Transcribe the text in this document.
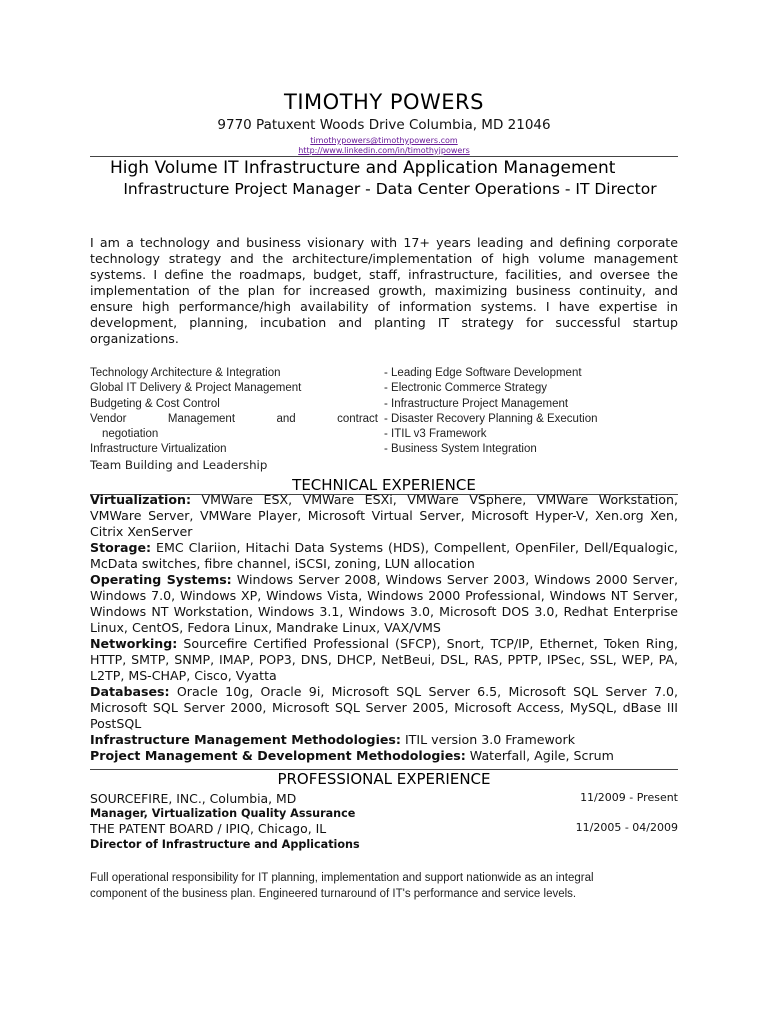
TIMOTHY POWERS
9770 Patuxent Woods Drive Columbia, MD 21046
timothypowers@timothypowers.com
http://www.linkedin.com/in/timothyjpowers
High Volume IT Infrastructure and Application Management
Infrastructure Project Manager - Data Center Operations - IT Director
I am a technology and business visionary with 17+ years leading and defining corporate technology strategy and the architecture/implementation of high volume management systems. I define the roadmaps, budget, staff, infrastructure, facilities, and oversee the implementation of the plan for increased growth, maximizing business continuity, and ensure high performance/high availability of information systems. I have expertise in development, planning, incubation and planting IT strategy for successful startup organizations.
Technology Architecture & Integration
Global IT Delivery & Project Management
Budgeting & Cost Control
Vendor	Management	and	contract
negotiation
Infrastructure Virtualization
Team Building and Leadership
- Leading Edge Software Development
- Electronic Commerce Strategy
- Infrastructure Project Management
- Disaster Recovery Planning & Execution
- ITIL v3 Framework
- Business System Integration
TECHNICAL EXPERIENCE

Virtualization: VMWare ESX, VMWare ESXi, VMWare VSphere, VMWare Workstation, VMWare Server, VMWare Player, Microsoft Virtual Server, Microsoft Hyper-V, Xen.org Xen, Citrix XenServer

Storage: EMC Clariion, Hitachi Data Systems (HDS), Compellent, OpenFiler, Dell/Equalogic, McData switches, fibre channel, iSCSI, zoning, LUN allocation

Operating Systems: Windows Server 2008, Windows Server 2003, Windows 2000 Server, Windows 7.0, Windows XP, Windows Vista, Windows 2000 Professional, Windows NT Server, Windows NT Workstation, Windows 3.1, Windows 3.0, Microsoft DOS 3.0, Redhat Enterprise Linux, CentOS, Fedora Linux, Mandrake Linux, VAX/VMS

Networking: Sourcefire Certified Professional (SFCP), Snort, TCP/IP, Ethernet, Token Ring, HTTP, SMTP, SNMP, IMAP, POP3, DNS, DHCP, NetBeui, DSL, RAS, PPTP, IPSec, SSL, WEP, PA, L2TP, MS-CHAP, Cisco, Vyatta

Databases: Oracle 10g, Oracle 9i, Microsoft SQL Server 6.5, Microsoft SQL Server 7.0, Microsoft SQL Server 2000, Microsoft SQL Server 2005, Microsoft Access, MySQL, dBase III PostSQL

Infrastructure Management Methodologies: ITIL version 3.0 Framework

Project Management & Development Methodologies: Waterfall, Agile, Scrum

PROFESSIONAL EXPERIENCE
SOURCEFIRE, INC., Columbia, MD	11/2009 - Present
Manager, Virtualization Quality Assurance
THE PATENT BOARD / IPIQ, Chicago, IL	11/2005 - 04/2009
Director of Infrastructure and Applications
Full operational responsibility for IT planning, implementation and support nationwide as an integral component of the business plan. Engineered turnaround of IT's performance and service levels.
